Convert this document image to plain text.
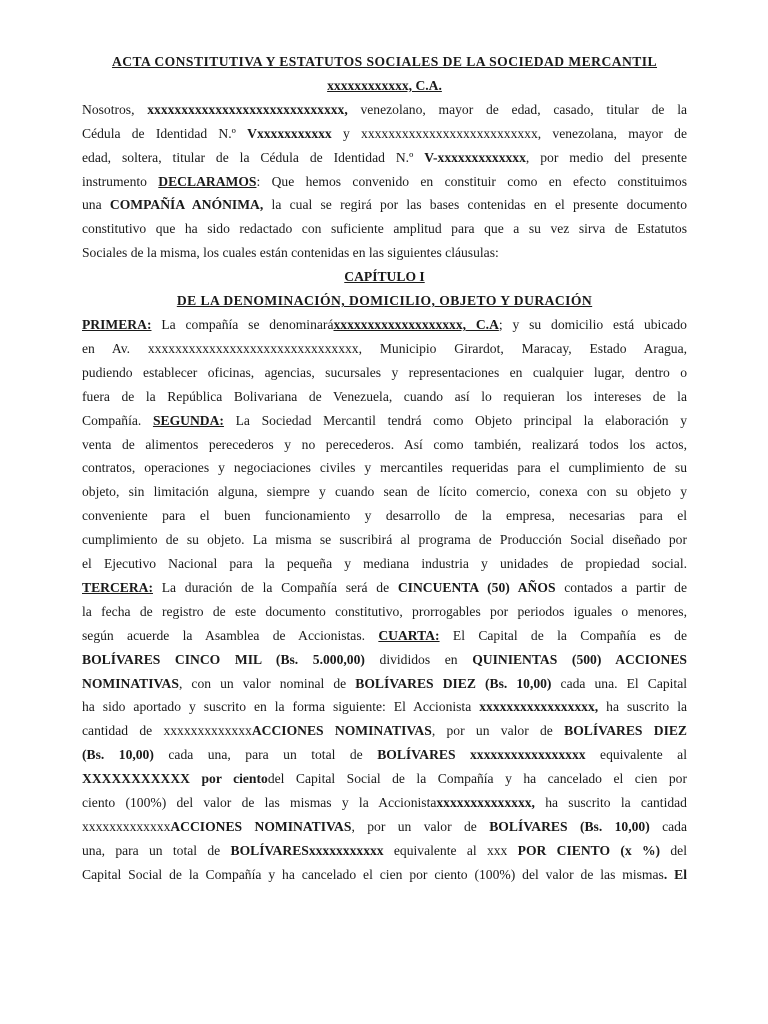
ACTA CONSTITUTIVA Y ESTATUTOS SOCIALES DE LA SOCIEDAD MERCANTIL

xxxxxxxxxxxx, C.A.

Nosotros, xxxxxxxxxxxxxxxxxxxxxxxxxxxxx, venezolano, mayor de edad, casado, titular de la

Cédula de Identidad N.º Vxxxxxxxxxxx y xxxxxxxxxxxxxxxxxxxxxxxxxx, venezolana, mayor de

edad, soltera, titular de la Cédula de Identidad N.º V-xxxxxxxxxxxxx, por medio del presente

instrumento DECLARAMOS: Que hemos convenido en constituir como en efecto constituimos

una COMPAÑÍA ANÓNIMA, la cual se regirá por las bases contenidas en el presente documento

constitutivo que ha sido redactado con suficiente amplitud para que a su vez sirva de Estatutos

Sociales de la misma, los cuales están contenidas en las siguientes cláusulas:

CAPÍTULO I

DE LA DENOMINACIÓN, DOMICILIO, OBJETO Y DURACIÓN

PRIMERA: La compañía se denominaráxxxxxxxxxxxxxxxxxxx, C.A; y su domicilio está ubicado

en Av. xxxxxxxxxxxxxxxxxxxxxxxxxxxxxxx, Municipio Girardot, Maracay, Estado Aragua,

pudiendo establecer oficinas, agencias, sucursales y representaciones en cualquier lugar, dentro o

fuera de la República Bolivariana de Venezuela, cuando así lo requieran los intereses de la

Compañía. SEGUNDA: La Sociedad Mercantil tendrá como Objeto principal la elaboración y

venta de alimentos perecederos y no perecederos. Así como también, realizará todos los actos,

contratos, operaciones y negociaciones civiles y mercantiles requeridas para el cumplimiento de su

objeto, sin limitación alguna, siempre y cuando sean de lícito comercio, conexa con su objeto y

conveniente para el buen funcionamiento y desarrollo de la empresa, necesarias para el

cumplimiento de su objeto. La misma se suscribirá al programa de Producción Social diseñado por

el Ejecutivo Nacional para la pequeña y mediana industria y unidades de propiedad social.

TERCERA: La duración de la Compañía será de CINCUENTA (50) AÑOS contados a partir de

la fecha de registro de este documento constitutivo, prorrogables por periodos iguales o menores,

según acuerde la Asamblea de Accionistas. CUARTA: El Capital de la Compañía es de

BOLÍVARES CINCO MIL (Bs. 5.000,00) divididos en QUINIENTAS (500) ACCIONES

NOMINATIVAS, con un valor nominal de BOLÍVARES DIEZ (Bs. 10,00) cada una. El Capital

ha sido aportado y suscrito en la forma siguiente: El Accionista xxxxxxxxxxxxxxxxx, ha suscrito la

cantidad de xxxxxxxxxxxxxACCIONES NOMINATIVAS, por un valor de BOLÍVARES DIEZ

(Bs. 10,00) cada una, para un total de BOLÍVARES xxxxxxxxxxxxxxxxx equivalente al

XXXXXXXXXXX por cientodel Capital Social de la Compañía y ha cancelado el cien por

ciento (100%) del valor de las mismas y la Accionistaxxxxxxxxxxxxxx, ha suscrito la cantidad

xxxxxxxxxxxxxACCIONES NOMINATIVAS, por un valor de BOLÍVARES (Bs. 10,00) cada

una, para un total de BOLÍVARESxxxxxxxxxxx equivalente al xxx POR CIENTO (x %) del

Capital Social de la Compañía y ha cancelado el cien por ciento (100%) del valor de las mismas. El
